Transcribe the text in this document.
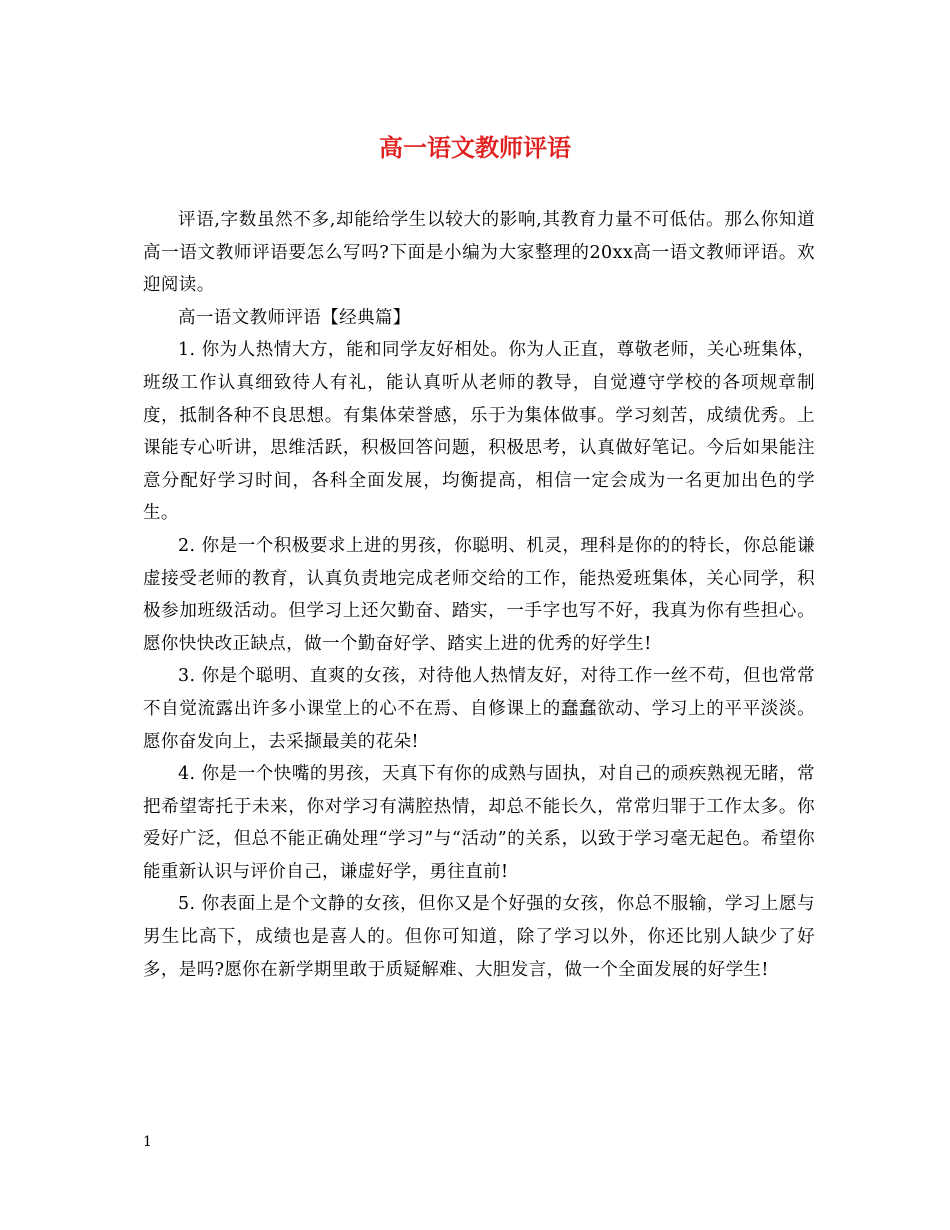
高一语文教师评语

评语,字数虽然不多,却能给学生以较大的影响,其教育力量不可低估。那么你知道高一语文教师评语要怎么写吗?下面是小编为大家整理的20xx高一语文教师评语。欢迎阅读。

高一语文教师评语【经典篇】

1. 你为人热情大方，能和同学友好相处。你为人正直，尊敬老师，关心班集体，班级工作认真细致待人有礼，能认真听从老师的教导，自觉遵守学校的各项规章制度，抵制各种不良思想。有集体荣誉感，乐于为集体做事。学习刻苦，成绩优秀。上课能专心听讲，思维活跃，积极回答问题，积极思考，认真做好笔记。今后如果能注意分配好学习时间，各科全面发展，均衡提高，相信一定会成为一名更加出色的学生。

2. 你是一个积极要求上进的男孩，你聪明、机灵，理科是你的的特长，你总能谦虚接受老师的教育，认真负责地完成老师交给的工作，能热爱班集体，关心同学，积极参加班级活动。但学习上还欠勤奋、踏实，一手字也写不好，我真为你有些担心。愿你快快改正缺点，做一个勤奋好学、踏实上进的优秀的好学生!

3. 你是个聪明、直爽的女孩，对待他人热情友好，对待工作一丝不苟，但也常常不自觉流露出许多小课堂上的心不在焉、自修课上的蠢蠢欲动、学习上的平平淡淡。愿你奋发向上，去采撷最美的花朵!

4. 你是一个快嘴的男孩，天真下有你的成熟与固执，对自己的顽疾熟视无睹，常把希望寄托于未来，你对学习有满腔热情，却总不能长久，常常归罪于工作太多。你爱好广泛，但总不能正确处理“学习”与“活动”的关系，以致于学习毫无起色。希望你能重新认识与评价自己，谦虚好学，勇往直前!

5. 你表面上是个文静的女孩，但你又是个好强的女孩，你总不服输，学习上愿与男生比高下，成绩也是喜人的。但你可知道，除了学习以外，你还比别人缺少了好多，是吗?愿你在新学期里敢于质疑解难、大胆发言，做一个全面发展的好学生!

1
